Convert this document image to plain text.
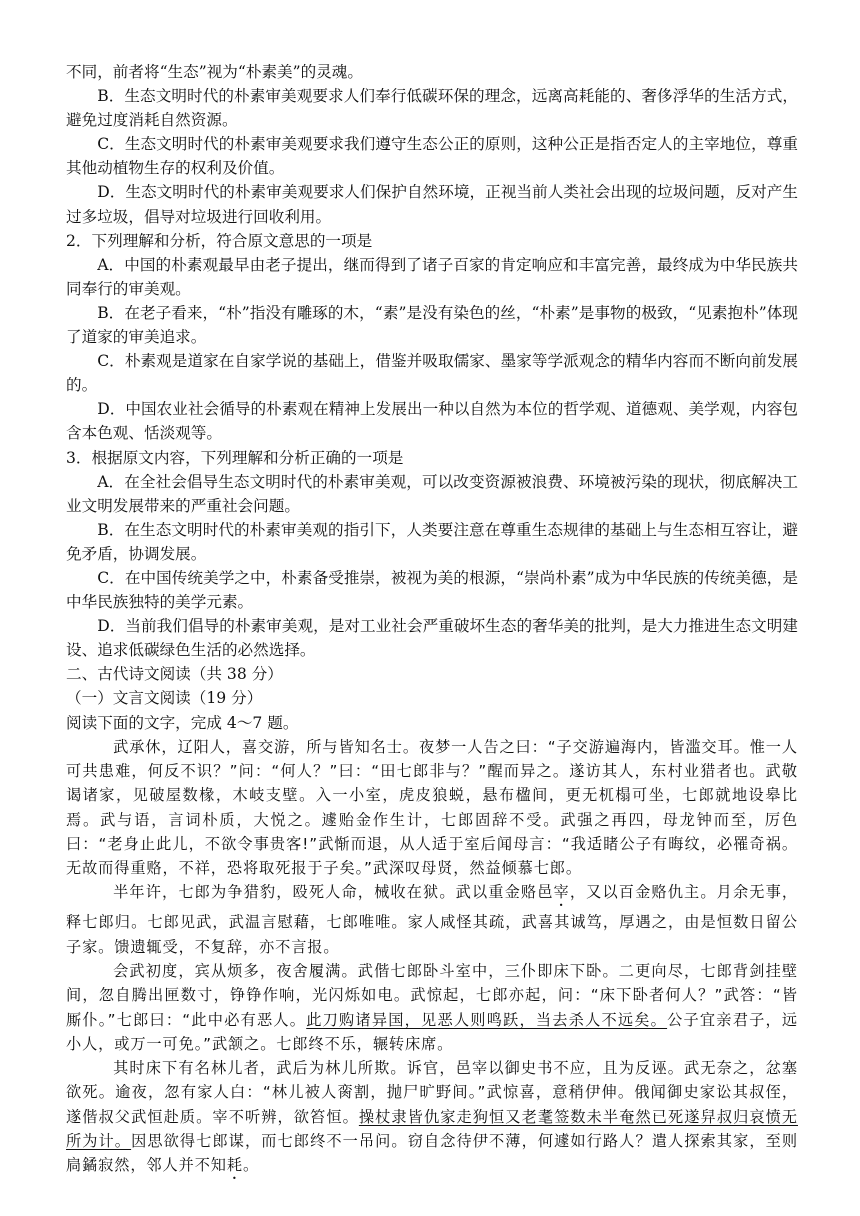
不同，前者将“生态”视为“朴素美”的灵魂。

B．生态文明时代的朴素审美观要求人们奉行低碳环保的理念，远离高耗能的、奢侈浮华的生活方式，避免过度消耗自然资源。

C．生态文明时代的朴素审美观要求我们遵守生态公正的原则，这种公正是指否定人的主宰地位，尊重其他动植物生存的权利及价值。

D．生态文明时代的朴素审美观要求人们保护自然环境，正视当前人类社会出现的垃圾问题，反对产生过多垃圾，倡导对垃圾进行回收利用。

2．下列理解和分析，符合原文意思的一项是

A．中国的朴素观最早由老子提出，继而得到了诸子百家的肯定响应和丰富完善，最终成为中华民族共同奉行的审美观。

B．在老子看来，“朴”指没有雕琢的木，“素”是没有染色的丝，“朴素”是事物的极致，“见素抱朴”体现了道家的审美追求。

C．朴素观是道家在自家学说的基础上，借鉴并吸取儒家、墨家等学派观念的精华内容而不断向前发展的。

D．中国农业社会循导的朴素观在精神上发展出一种以自然为本位的哲学观、道德观、美学观，内容包含本色观、恬淡观等。

3．根据原文内容，下列理解和分析正确的一项是

A．在全社会倡导生态文明时代的朴素审美观，可以改变资源被浪费、环境被污染的现状，彻底解决工业文明发展带来的严重社会问题。

B．在生态文明时代的朴素审美观的指引下，人类要注意在尊重生态规律的基础上与生态相互容让，避免矛盾，协调发展。

C．在中国传统美学之中，朴素备受推崇，被视为美的根源，“崇尚朴素”成为中华民族的传统美德，是中华民族独特的美学元素。

D．当前我们倡导的朴素审美观，是对工业社会严重破坏生态的奢华美的批判，是大力推进生态文明建设、追求低碳绿色生活的必然选择。

二、古代诗文阅读（共 38 分）

（一）文言文阅读（19 分）

阅读下面的文字，完成 4～7 题。

武承休，辽阳人，喜交游，所与皆知名士。夜梦一人告之曰：“子交游遍海内，皆滥交耳。惟一人可共患难，何反不识？”问：“何人？”曰：“田七郎非与？”醒而异之。遂访其人，东村业猎者也。武敬谒诸家，见破屋数椽，木岐支壁。入一小室，虎皮狼蜕，悬布楹间，更无杌榻可坐，七郎就地设皋比焉。武与语，言词朴质，大悦之。遽贻金作生计，七郎固辞不受。武强之再四，母龙钟而至，厉色曰：“老身止此儿，不欲令事贵客!”武惭而退，从人适于室后闻母言：“我适睹公子有晦纹，必罹奇祸。无故而得重赂，不祥，恐将取死报于子矣。”武深叹母贤，然益倾慕七郎。

半年许，七郎为争猎豹，殴死人命，械收在狱。武以重金赂邑宰，又以百金赂仇主。月余无事，释七郎归。七郎见武，武温言慰藉，七郎唯唯。家人咸怪其疏，武喜其诚笃，厚遇之，由是恒数日留公子家。馈遗辄受，不复辞，亦不言报。

会武初度，宾从烦多，夜舍履满。武偕七郎卧斗室中，三仆即床下卧。二更向尽，七郎背剑挂壁间，忽自腾出匣数寸，铮铮作响，光闪烁如电。武惊起，七郎亦起，问：“床下卧者何人？”武答：“皆厮仆。”七郎曰：“此中必有恶人。此刀购诸异国，见恶人则鸣跃，当去杀人不远矣。公子宜亲君子，远小人，或万一可免。”武颔之。七郎终不乐，辗转床席。

其时床下有名林儿者，武后为林儿所欺。诉官，邑宰以御史书不应，且为反诬。武无奈之，忿塞欲死。逾夜，忽有家人白：“林儿被人脔割，抛尸旷野间。”武惊喜，意稍伊伸。俄闻御史家讼其叔侄，遂偕叔父武恒赴质。宰不听辨，欲笞恒。操杖隶皆仇家走狗恒又老耄签数未半奄然已死遂舁叔归哀愤无所为计。因思欲得七郎谋，而七郎终不一吊问。窃自念待伊不薄，何遽如行路人？遣人探索其家，至则扃鐍寂然，邻人并不知耗。
